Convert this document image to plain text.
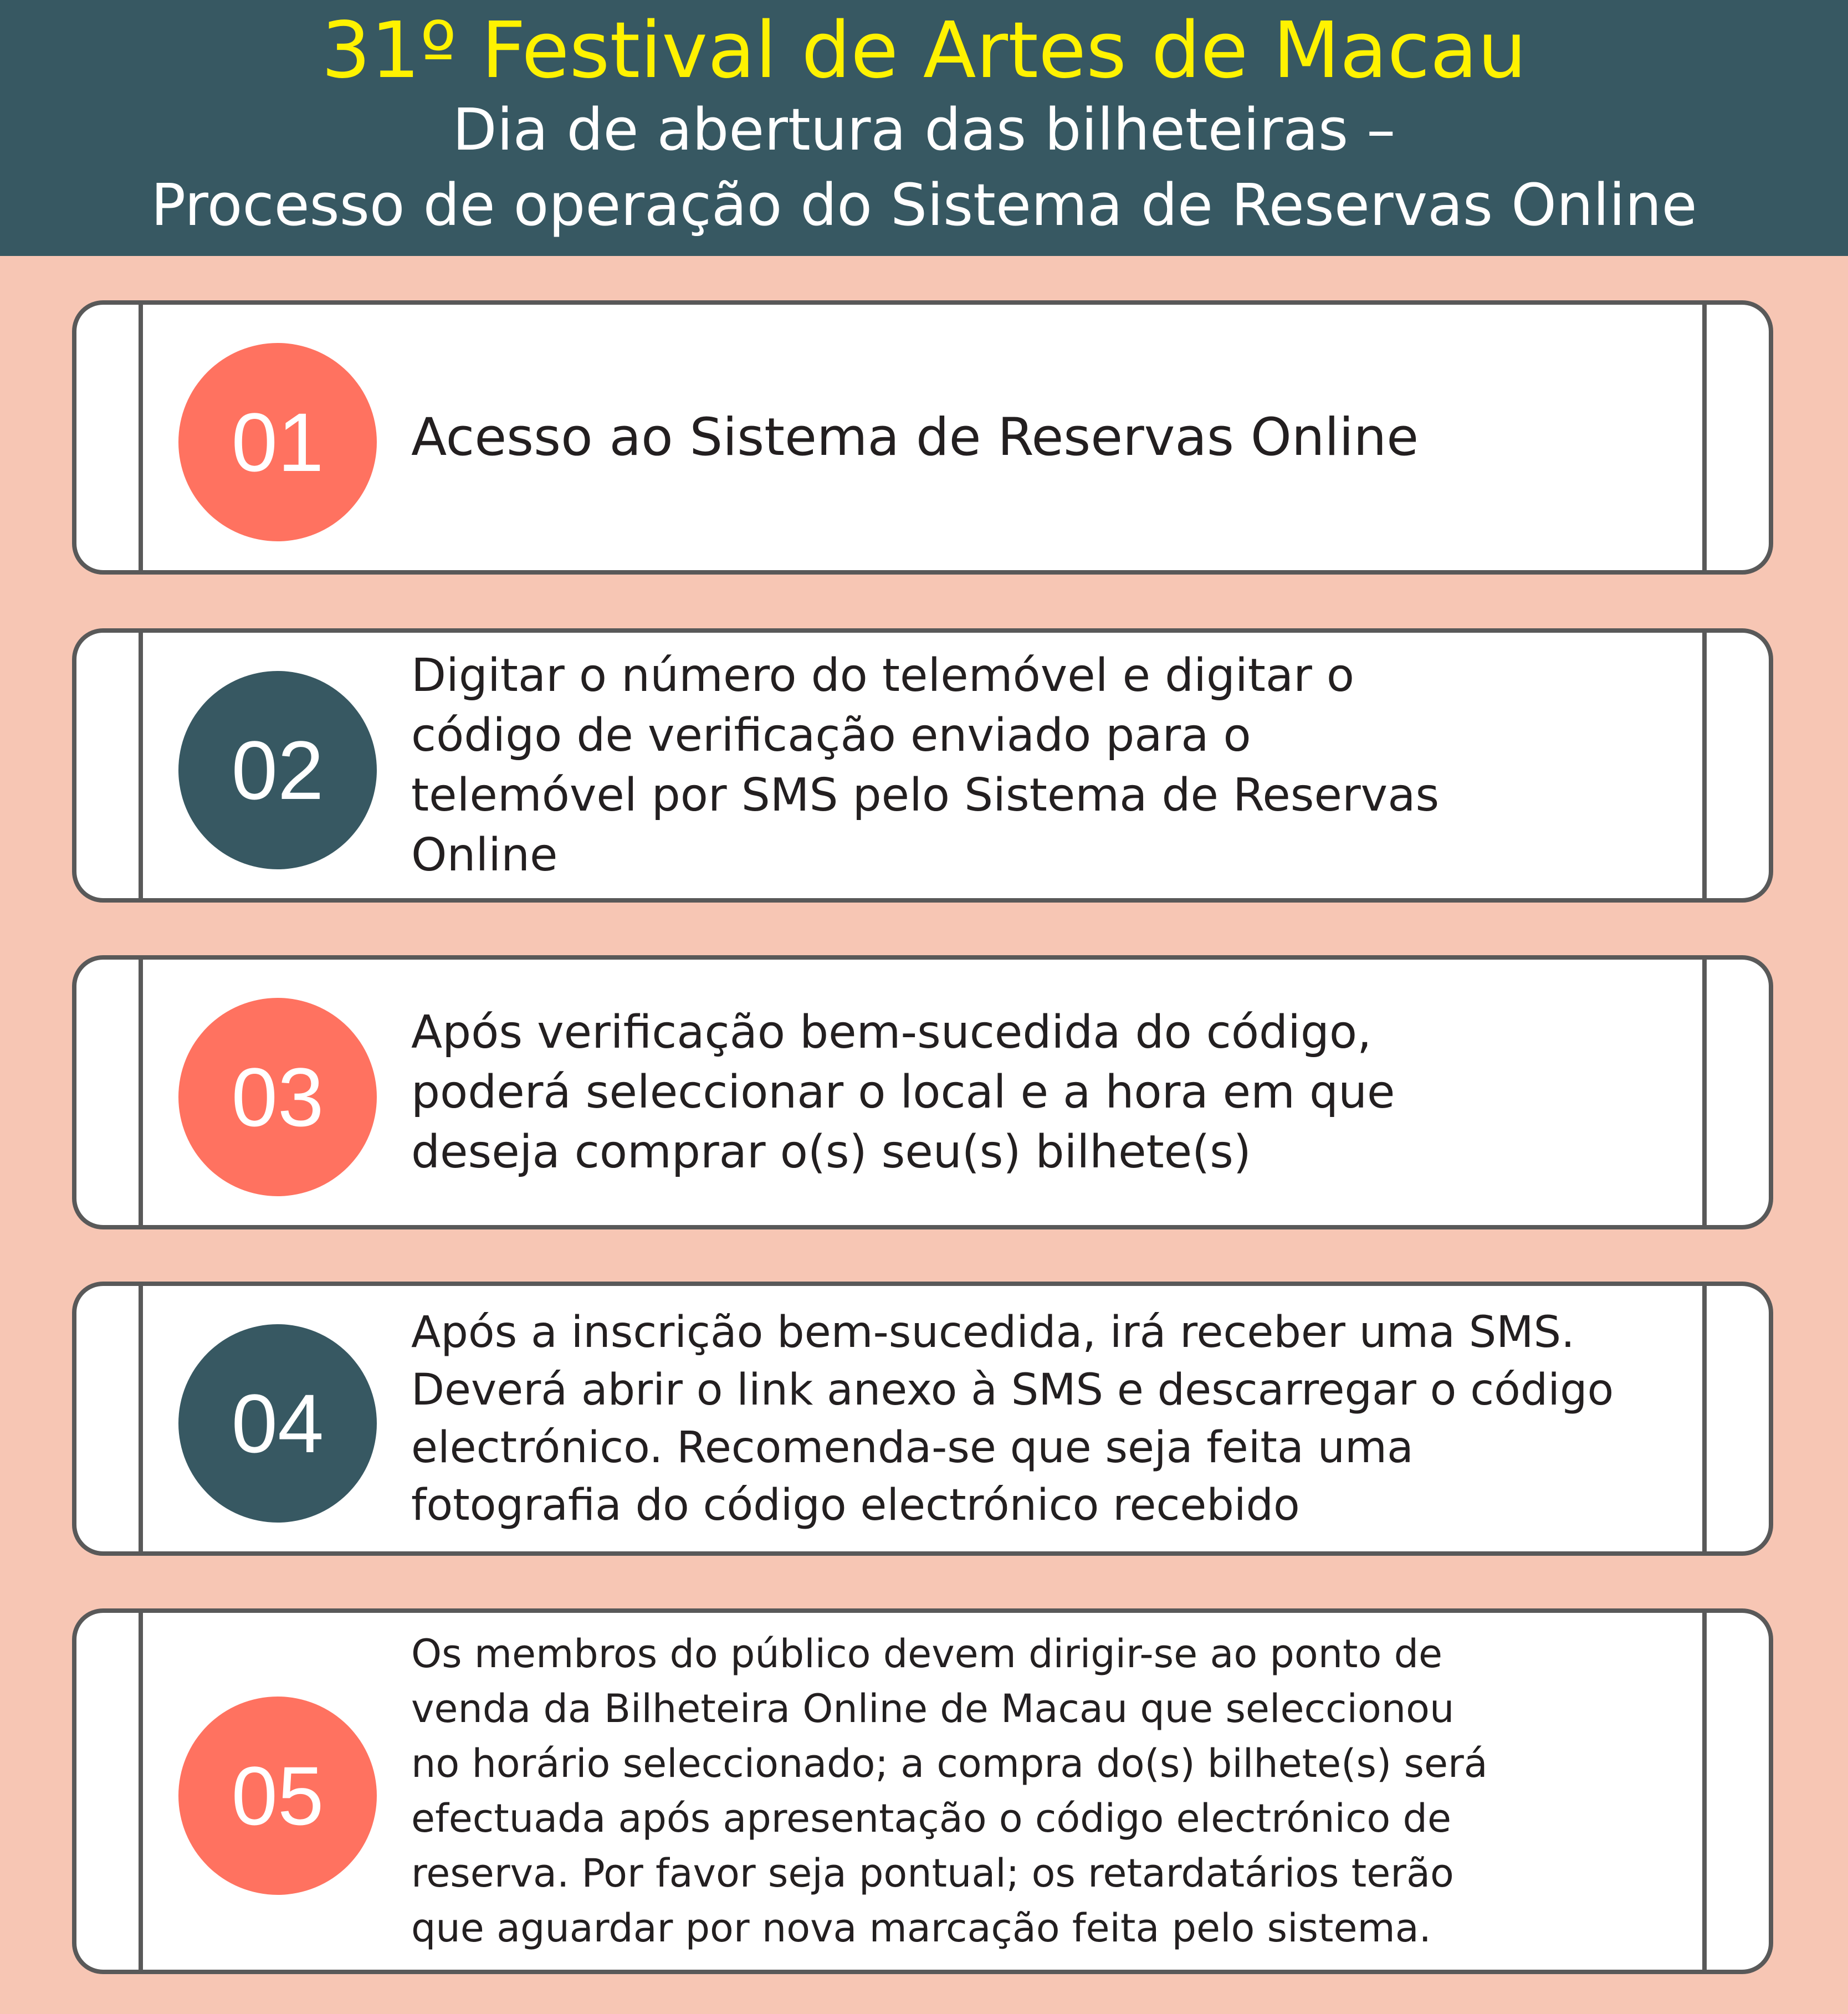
31º Festival de Artes de Macau
Dia de abertura das bilheteiras –
Processo de operação do Sistema de Reservas Online
01	Acesso ao Sistema de Reservas Online
02
Digitar o número do telemóvel e digitar o
código de verificação enviado para o
telemóvel por SMS pelo Sistema de Reservas
Online
03
Após verificação bem-sucedida do código,
poderá seleccionar o local e a hora em que
deseja comprar o(s) seu(s) bilhete(s)
04
Após a inscrição bem-sucedida, irá receber uma SMS.
Deverá abrir o link anexo à SMS e descarregar o código
electrónico. Recomenda-se que seja feita uma
fotografia do código electrónico recebido
05
Os membros do público devem dirigir-se ao ponto de
venda da Bilheteira Online de Macau que seleccionou
no horário seleccionado; a compra do(s) bilhete(s) será
efectuada após apresentação o código electrónico de
reserva. Por favor seja pontual; os retardatários terão
que aguardar por nova marcação feita pelo sistema.
